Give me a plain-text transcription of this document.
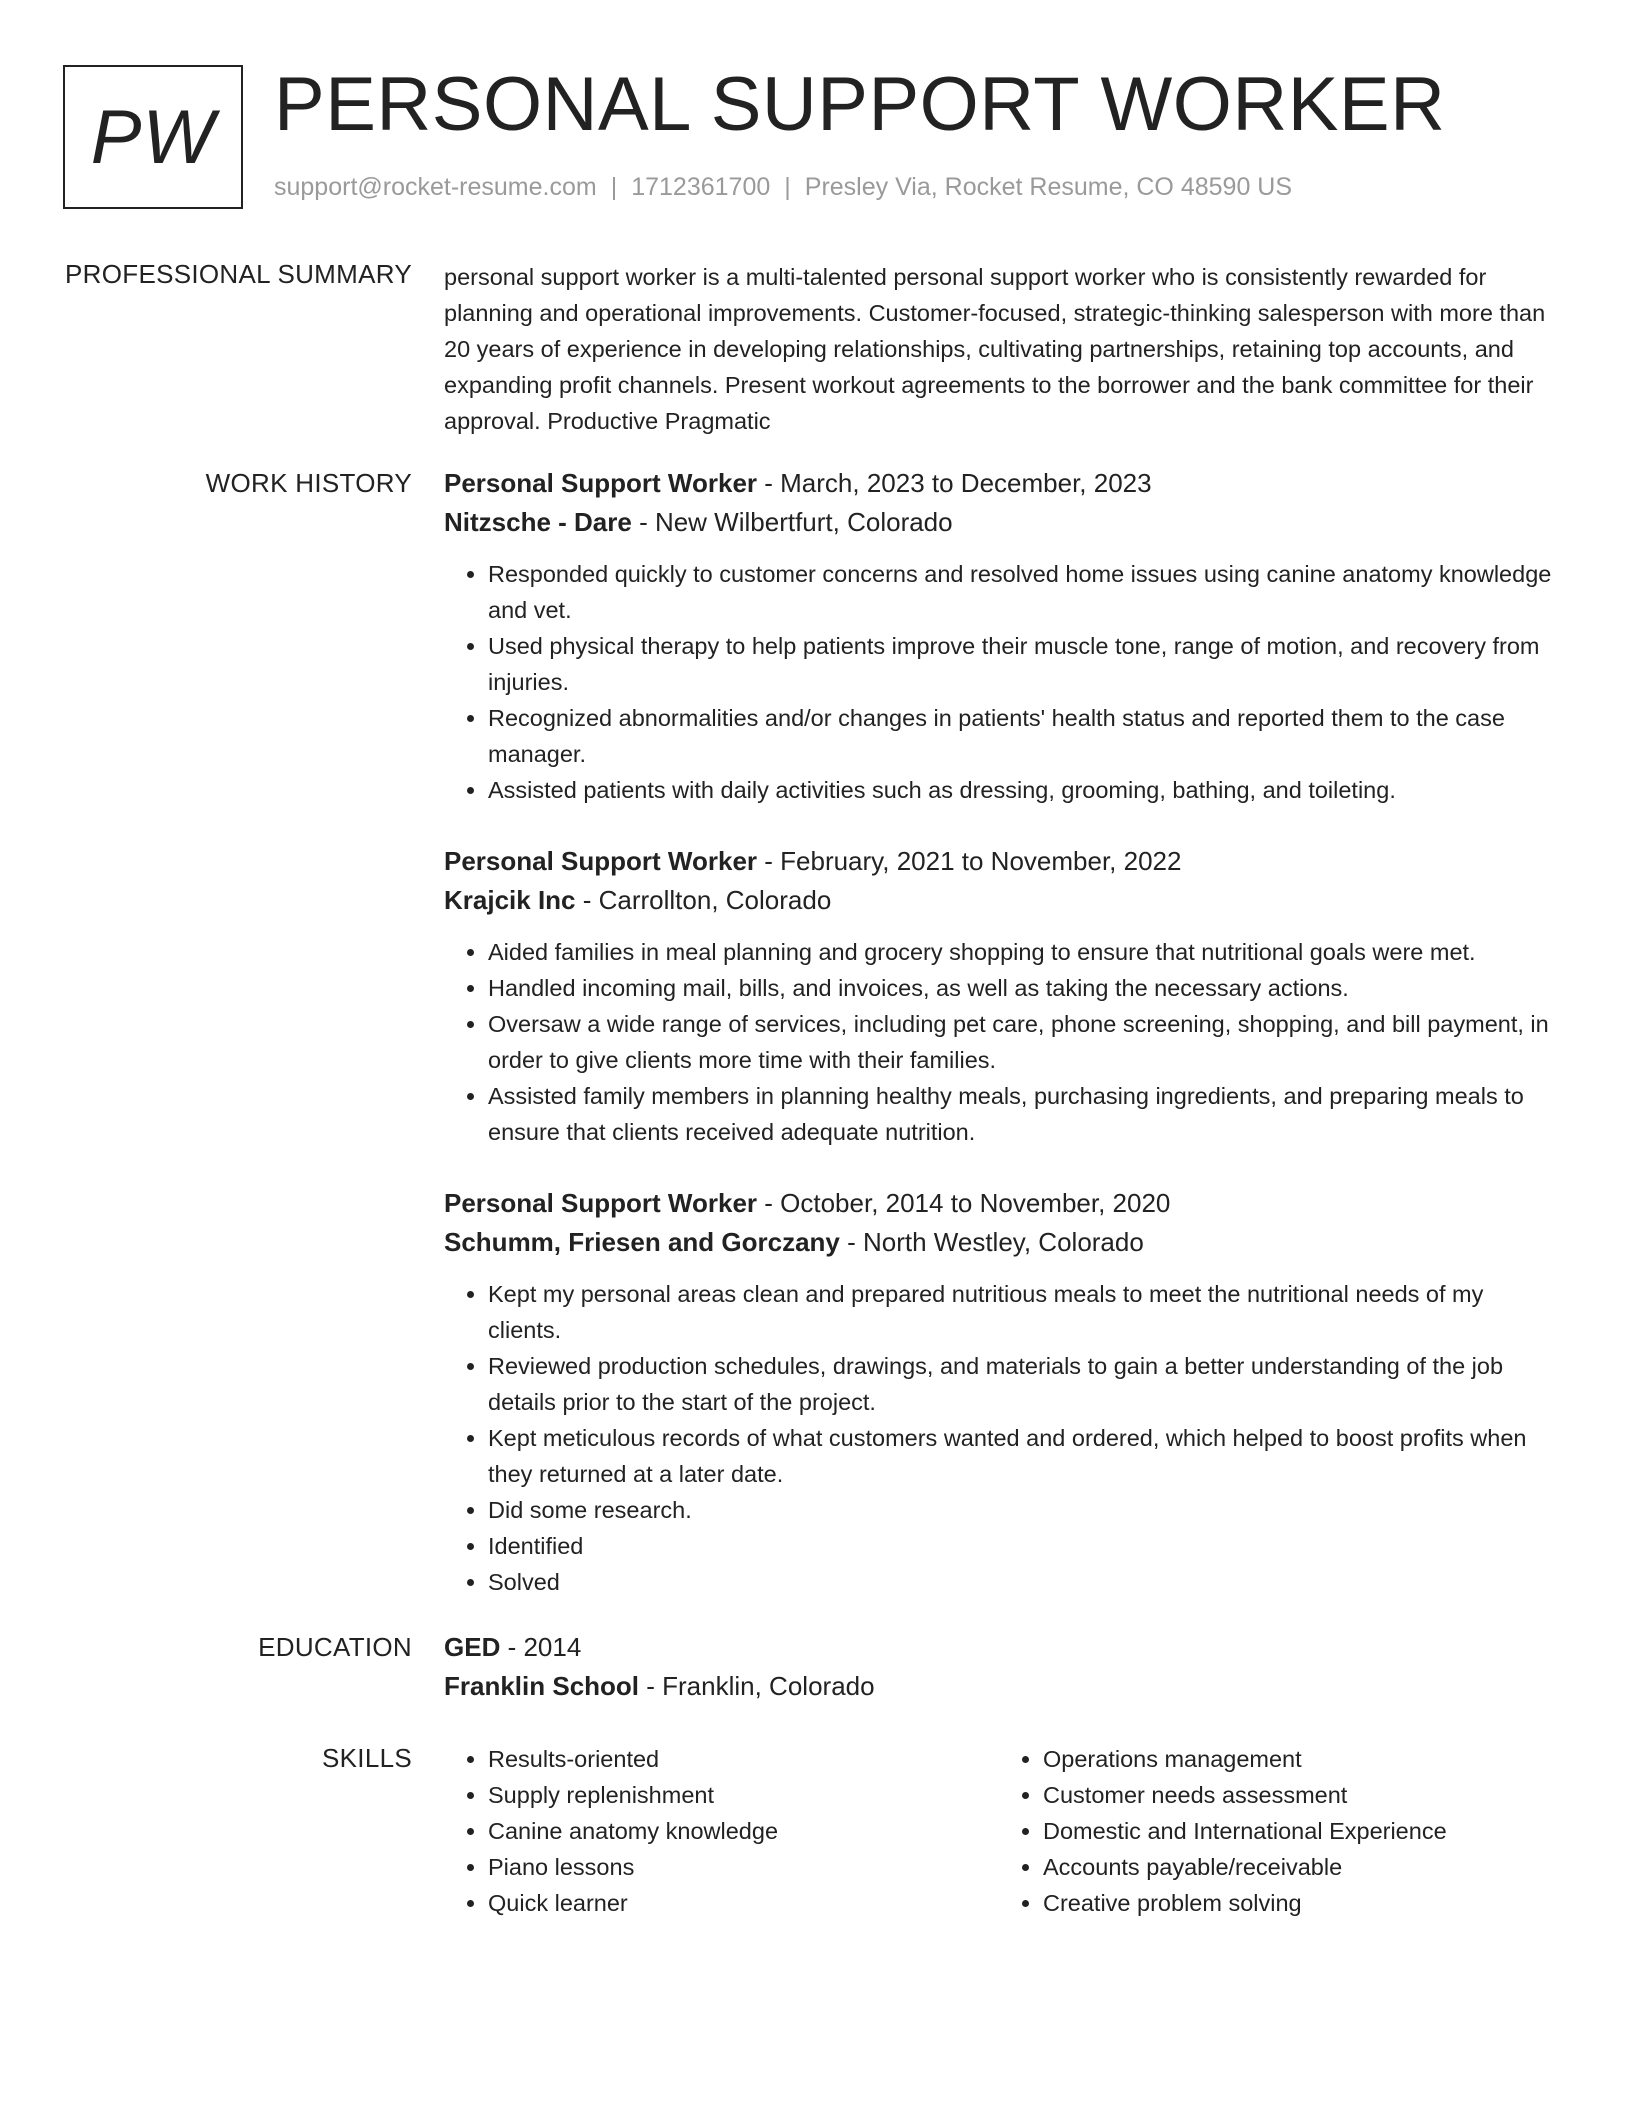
PW PERSONAL SUPPORT WORKER
support@rocket-resume.com | 1712361700 | Presley Via, Rocket Resume, CO 48590 US
PROFESSIONAL SUMMARY personal support worker is a multi-talented personal support worker who is consistently rewarded for planning and operational improvements. Customer-focused, strategic-thinking salesperson with more than 20 years of experience in developing relationships, cultivating partnerships, retaining top accounts, and expanding profit channels. Present workout agreements to the borrower and the bank committee for their approval. Productive Pragmatic

WORK HISTORY Personal Support Worker - March, 2023 to December, 2023
Nitzsche - Dare - New Wilbertfurt, Colorado
• Responded quickly to customer concerns and resolved home issues using canine anatomy knowledge and vet.
• Used physical therapy to help patients improve their muscle tone, range of motion, and recovery from injuries.
• Recognized abnormalities and/or changes in patients' health status and reported them to the case manager.
• Assisted patients with daily activities such as dressing, grooming, bathing, and toileting.
Personal Support Worker - February, 2021 to November, 2022
Krajcik Inc - Carrollton, Colorado
• Aided families in meal planning and grocery shopping to ensure that nutritional goals were met.
• Handled incoming mail, bills, and invoices, as well as taking the necessary actions.
• Oversaw a wide range of services, including pet care, phone screening, shopping, and bill payment, in order to give clients more time with their families.
• Assisted family members in planning healthy meals, purchasing ingredients, and preparing meals to ensure that clients received adequate nutrition.
Personal Support Worker - October, 2014 to November, 2020
Schumm, Friesen and Gorczany - North Westley, Colorado
• Kept my personal areas clean and prepared nutritious meals to meet the nutritional needs of my clients.
• Reviewed production schedules, drawings, and materials to gain a better understanding of the job details prior to the start of the project.
• Kept meticulous records of what customers wanted and ordered, which helped to boost profits when they returned at a later date.
• Did some research.
• Identified
• Solved
EDUCATION GED - 2014
Franklin School - Franklin, Colorado
SKILLS
•	Results-oriented
• Supply replenishment
• Canine anatomy knowledge
• Piano lessons
• Quick learner
• Operations management
• Customer needs assessment
• Domestic and International Experience
• Accounts payable/receivable
• Creative problem solving
